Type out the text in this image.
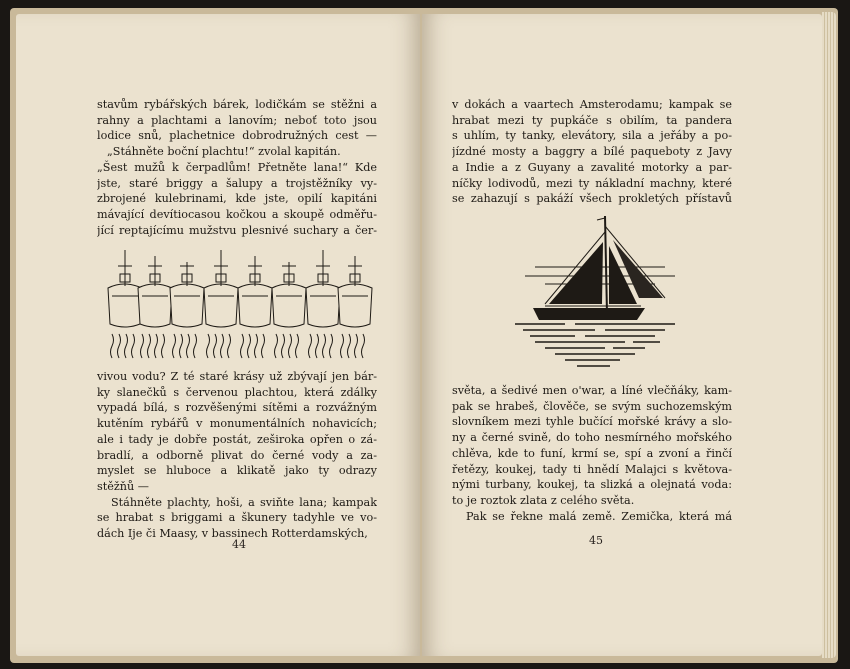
stavům rybářských bárek, lodičkám se stěžni a
rahny a plachtami a lanovím; neboť toto jsou
lodice snů, plachetnice dobrodružných cest —
„Stáhněte boční plachtu!“ zvolal kapitán.
„Šest mužů k čerpadlům! Přetněte lana!“ Kde
jste, staré briggy a šalupy a trojstěžníky vy-
zbrojené kulebrinami, kde jste, opilí kapitáni
mávající devítiocasou kočkou a skoupě odměřu-
jící reptajícímu mužstvu plesnivé suchary a čer-
vivou vodu? Z té staré krásy už zbývají jen bár-
ky slanečků s červenou plachtou, která zdálky
vypadá bílá, s rozvěšenými sítěmi a rozvážným
kutěním rybářů v monumentálních nohavicích;
ale i tady je dobře postát, zeširoka opřen o zá-
bradlí, a odborně plivat do černé vody a za-
myslet se hluboce a klikatě jako ty odrazy
stěžňů —
Stáhněte plachty, hoši, a sviňte lana; kampak
se hrabat s briggami a škunery tadyhle ve vo-
dách Ije či Maasy, v bassinech Rotterdamských,
44
v dokách a vaartech Amsterodamu; kampak se
hrabat mezi ty pupkáče s obilím, ta pandera
s uhlím, ty tanky, elevátory, sila a jeřáby a po-
jízdné mosty a baggry a bílé paqueboty z Javy
a Indie a z Guyany a zavalité motorky a par-
níčky lodivodů, mezi ty nákladní machny, které
se zahazují s pakáží všech prokletých přístavů
světa, a šedivé men o'war, a líné vlečňáky, kam-
pak se hrabeš, člověče, se svým suchozemským
slovníkem mezi tyhle bučící mořské krávy a slo-
ny a černé svině, do toho nesmírného mořského
chlěva, kde to funí, krmí se, spí a zvoní a řinčí
řetězy, koukej, tady ti hnědí Malajci s květova-
nými turbany, koukej, ta slizká a olejnatá voda:
to je roztok zlata z celého světa.
Pak se řekne malá země. Zemička, která má
45
